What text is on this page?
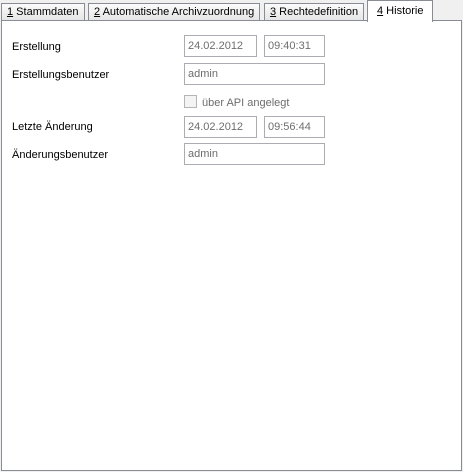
1 Stammdaten	2 Automatische Archivzuordnung	3 Rechtedefinition	4 Historie
Erstellung	24.02.2012	09:40:31
Erstellungsbenutzer	admin
über API angelegt
Letzte Änderung	24.02.2012	09:56:44
Änderungsbenutzer	admin
